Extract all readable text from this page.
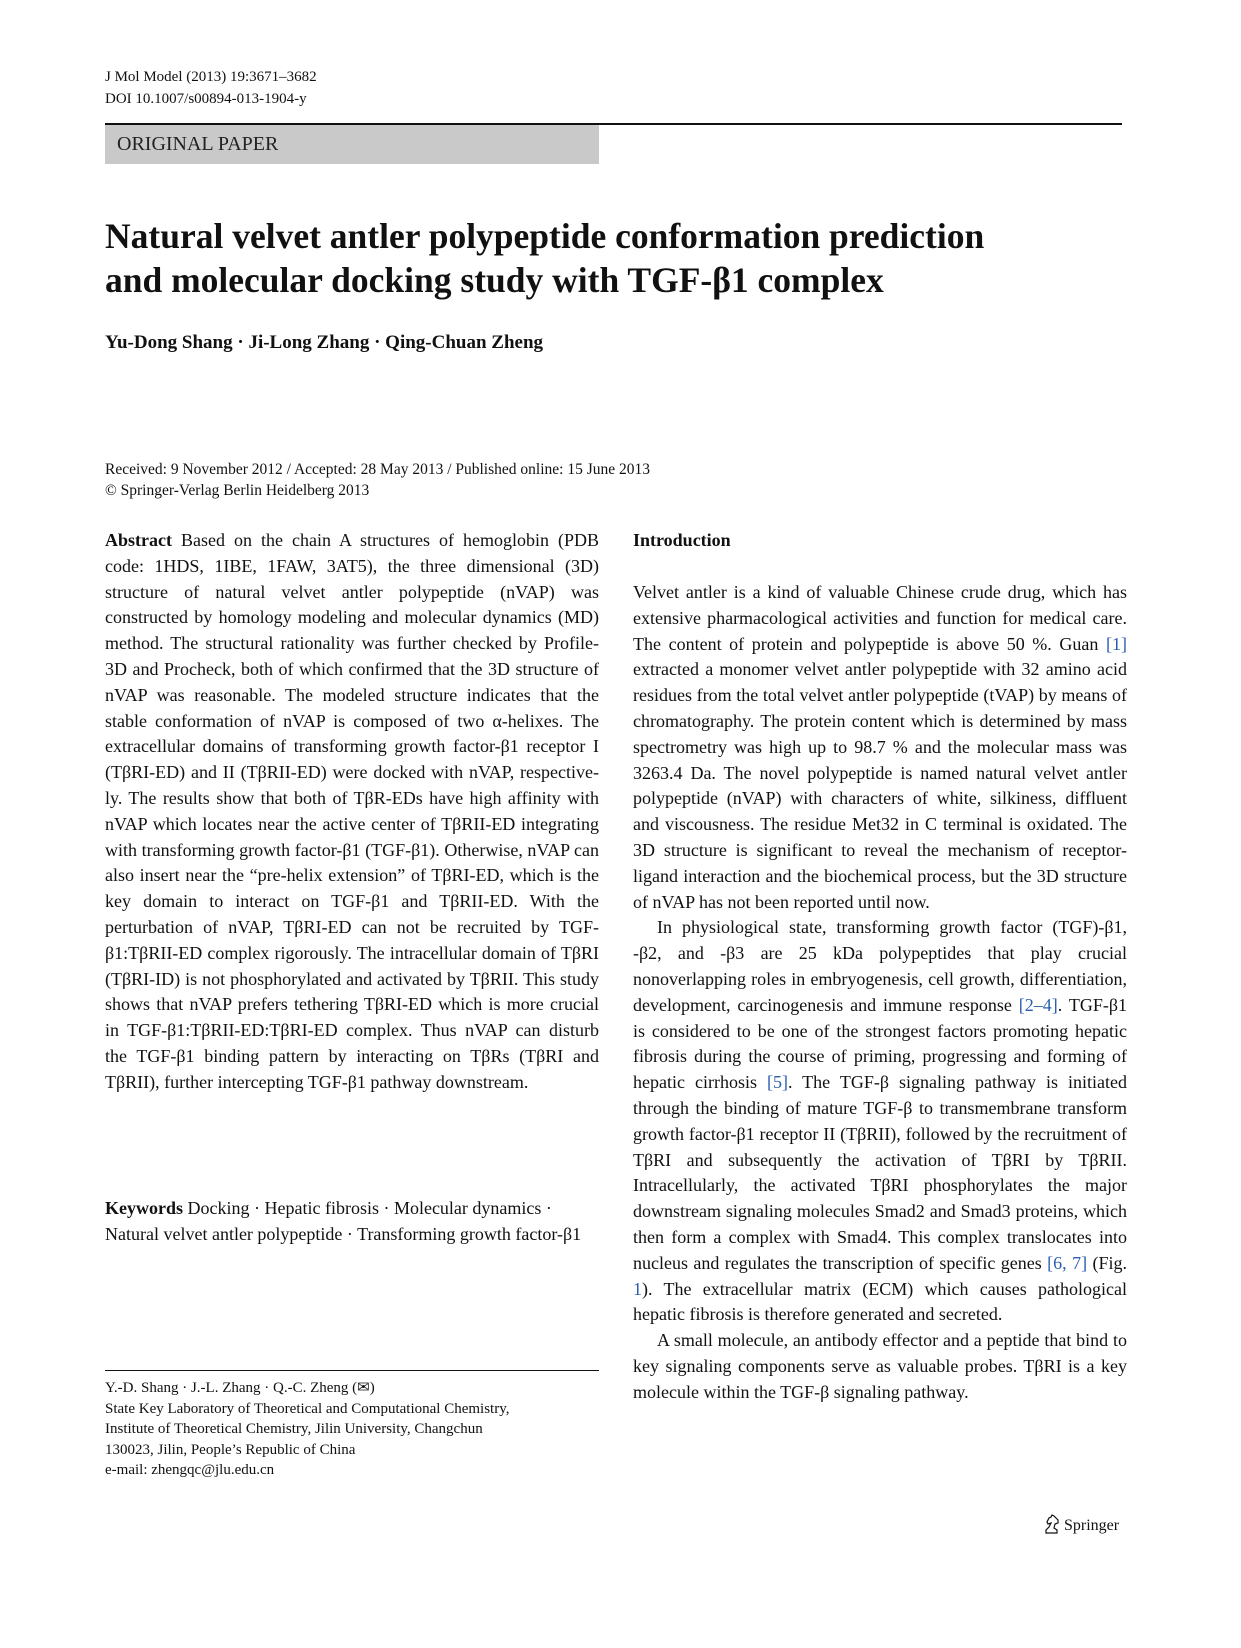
J Mol Model (2013) 19:3671–3682
DOI 10.1007/s00894-013-1904-y
ORIGINAL PAPER
Natural velvet antler polypeptide conformation prediction
and molecular docking study with TGF-β1 complex
Yu-Dong Shang · Ji-Long Zhang · Qing-Chuan Zheng
Received: 9 November 2012 / Accepted: 28 May 2013 / Published online: 15 June 2013
© Springer-Verlag Berlin Heidelberg 2013

Abstract Based on the chain A structures of hemoglobin (PDB code: 1HDS, 1IBE, 1FAW, 3AT5), the three dimensional (3D) structure of natural velvet antler polypeptide (nVAP) was constructed by homology modeling and molecular dynamics (MD) method. The structural rationality was further checked by Profile-3D and Procheck, both of which confirmed that the 3D structure of nVAP was reasonable. The modeled structure indicates that the stable conformation of nVAP is composed of two α-helixes. The extracellular domains of transforming growth factor-β1 receptor I (TβRI-ED) and II (TβRII-ED) were docked with nVAP, respectively. The results show that both of TβR-EDs have high affinity with nVAP which locates near the active center of TβRII-ED integrating with transforming growth factor-β1 (TGF-β1). Otherwise, nVAP can also insert near the “pre-helix extension” of TβRI-ED, which is the key domain to interact on TGF-β1 and TβRII-ED. With the perturbation of nVAP, TβRI-ED can not be recruited by TGF-β1:TβRII-ED complex rigorously. The intracellular domain of TβRI (TβRI-ID) is not phosphorylated and activated by TβRII. This study shows that nVAP prefers tethering TβRI-ED which is more crucial in TGF-β1:TβRII-ED:TβRI-ED complex. Thus nVAP can disturb the TGF-β1 binding pattern by interacting on TβRs (TβRI and TβRII), further intercepting TGF-β1 pathway downstream.

Keywords Docking · Hepatic fibrosis · Molecular dynamics · Natural velvet antler polypeptide · Transforming growth factor-β1

Y.-D. Shang · J.-L. Zhang · Q.-C. Zheng (✉)
State Key Laboratory of Theoretical and Computational Chemistry,
Institute of Theoretical Chemistry, Jilin University, Changchun
130023, Jilin, People’s Republic of China
e-mail: zhengqc@jlu.edu.cn
Introduction

Velvet antler is a kind of valuable Chinese crude drug, which has extensive pharmacological activities and function for medical care. The content of protein and polypeptide is above 50 %. Guan [1] extracted a monomer velvet antler polypeptide with 32 amino acid residues from the total velvet antler polypeptide (tVAP) by means of chromatography. The protein content which is determined by mass spectrometry was high up to 98.7 % and the molecular mass was 3263.4 Da. The novel polypeptide is named natural velvet antler polypeptide (nVAP) with characters of white, silkiness, diffluent and viscousness. The residue Met32 in C terminal is oxidated. The 3D structure is significant to reveal the mechanism of receptor-ligand interaction and the biochemical process, but the 3D structure of nVAP has not been reported until now.

In physiological state, transforming growth factor (TGF)-β1, -β2, and -β3 are 25 kDa polypeptides that play crucial nonoverlapping roles in embryogenesis, cell growth, differentiation, development, carcinogenesis and immune response [2–4]. TGF-β1 is considered to be one of the strongest factors promoting hepatic fibrosis during the course of priming, progressing and forming of hepatic cirrhosis [5]. The TGF-β signaling pathway is initiated through the binding of mature TGF-β to transmembrane transform growth factor-β1 receptor II (TβRII), followed by the recruitment of TβRI and subsequently the activation of TβRI by TβRII. Intracellularly, the activated TβRI phosphorylates the major downstream signaling molecules Smad2 and Smad3 proteins, which then form a complex with Smad4. This complex translocates into nucleus and regulates the transcription of specific genes [6, 7] (Fig. 1). The extracellular matrix (ECM) which causes pathological hepatic fibrosis is therefore generated and secreted.

A small molecule, an antibody effector and a peptide that bind to key signaling components serve as valuable probes. TβRI is a key molecule within the TGF-β signaling pathway.

Springer
